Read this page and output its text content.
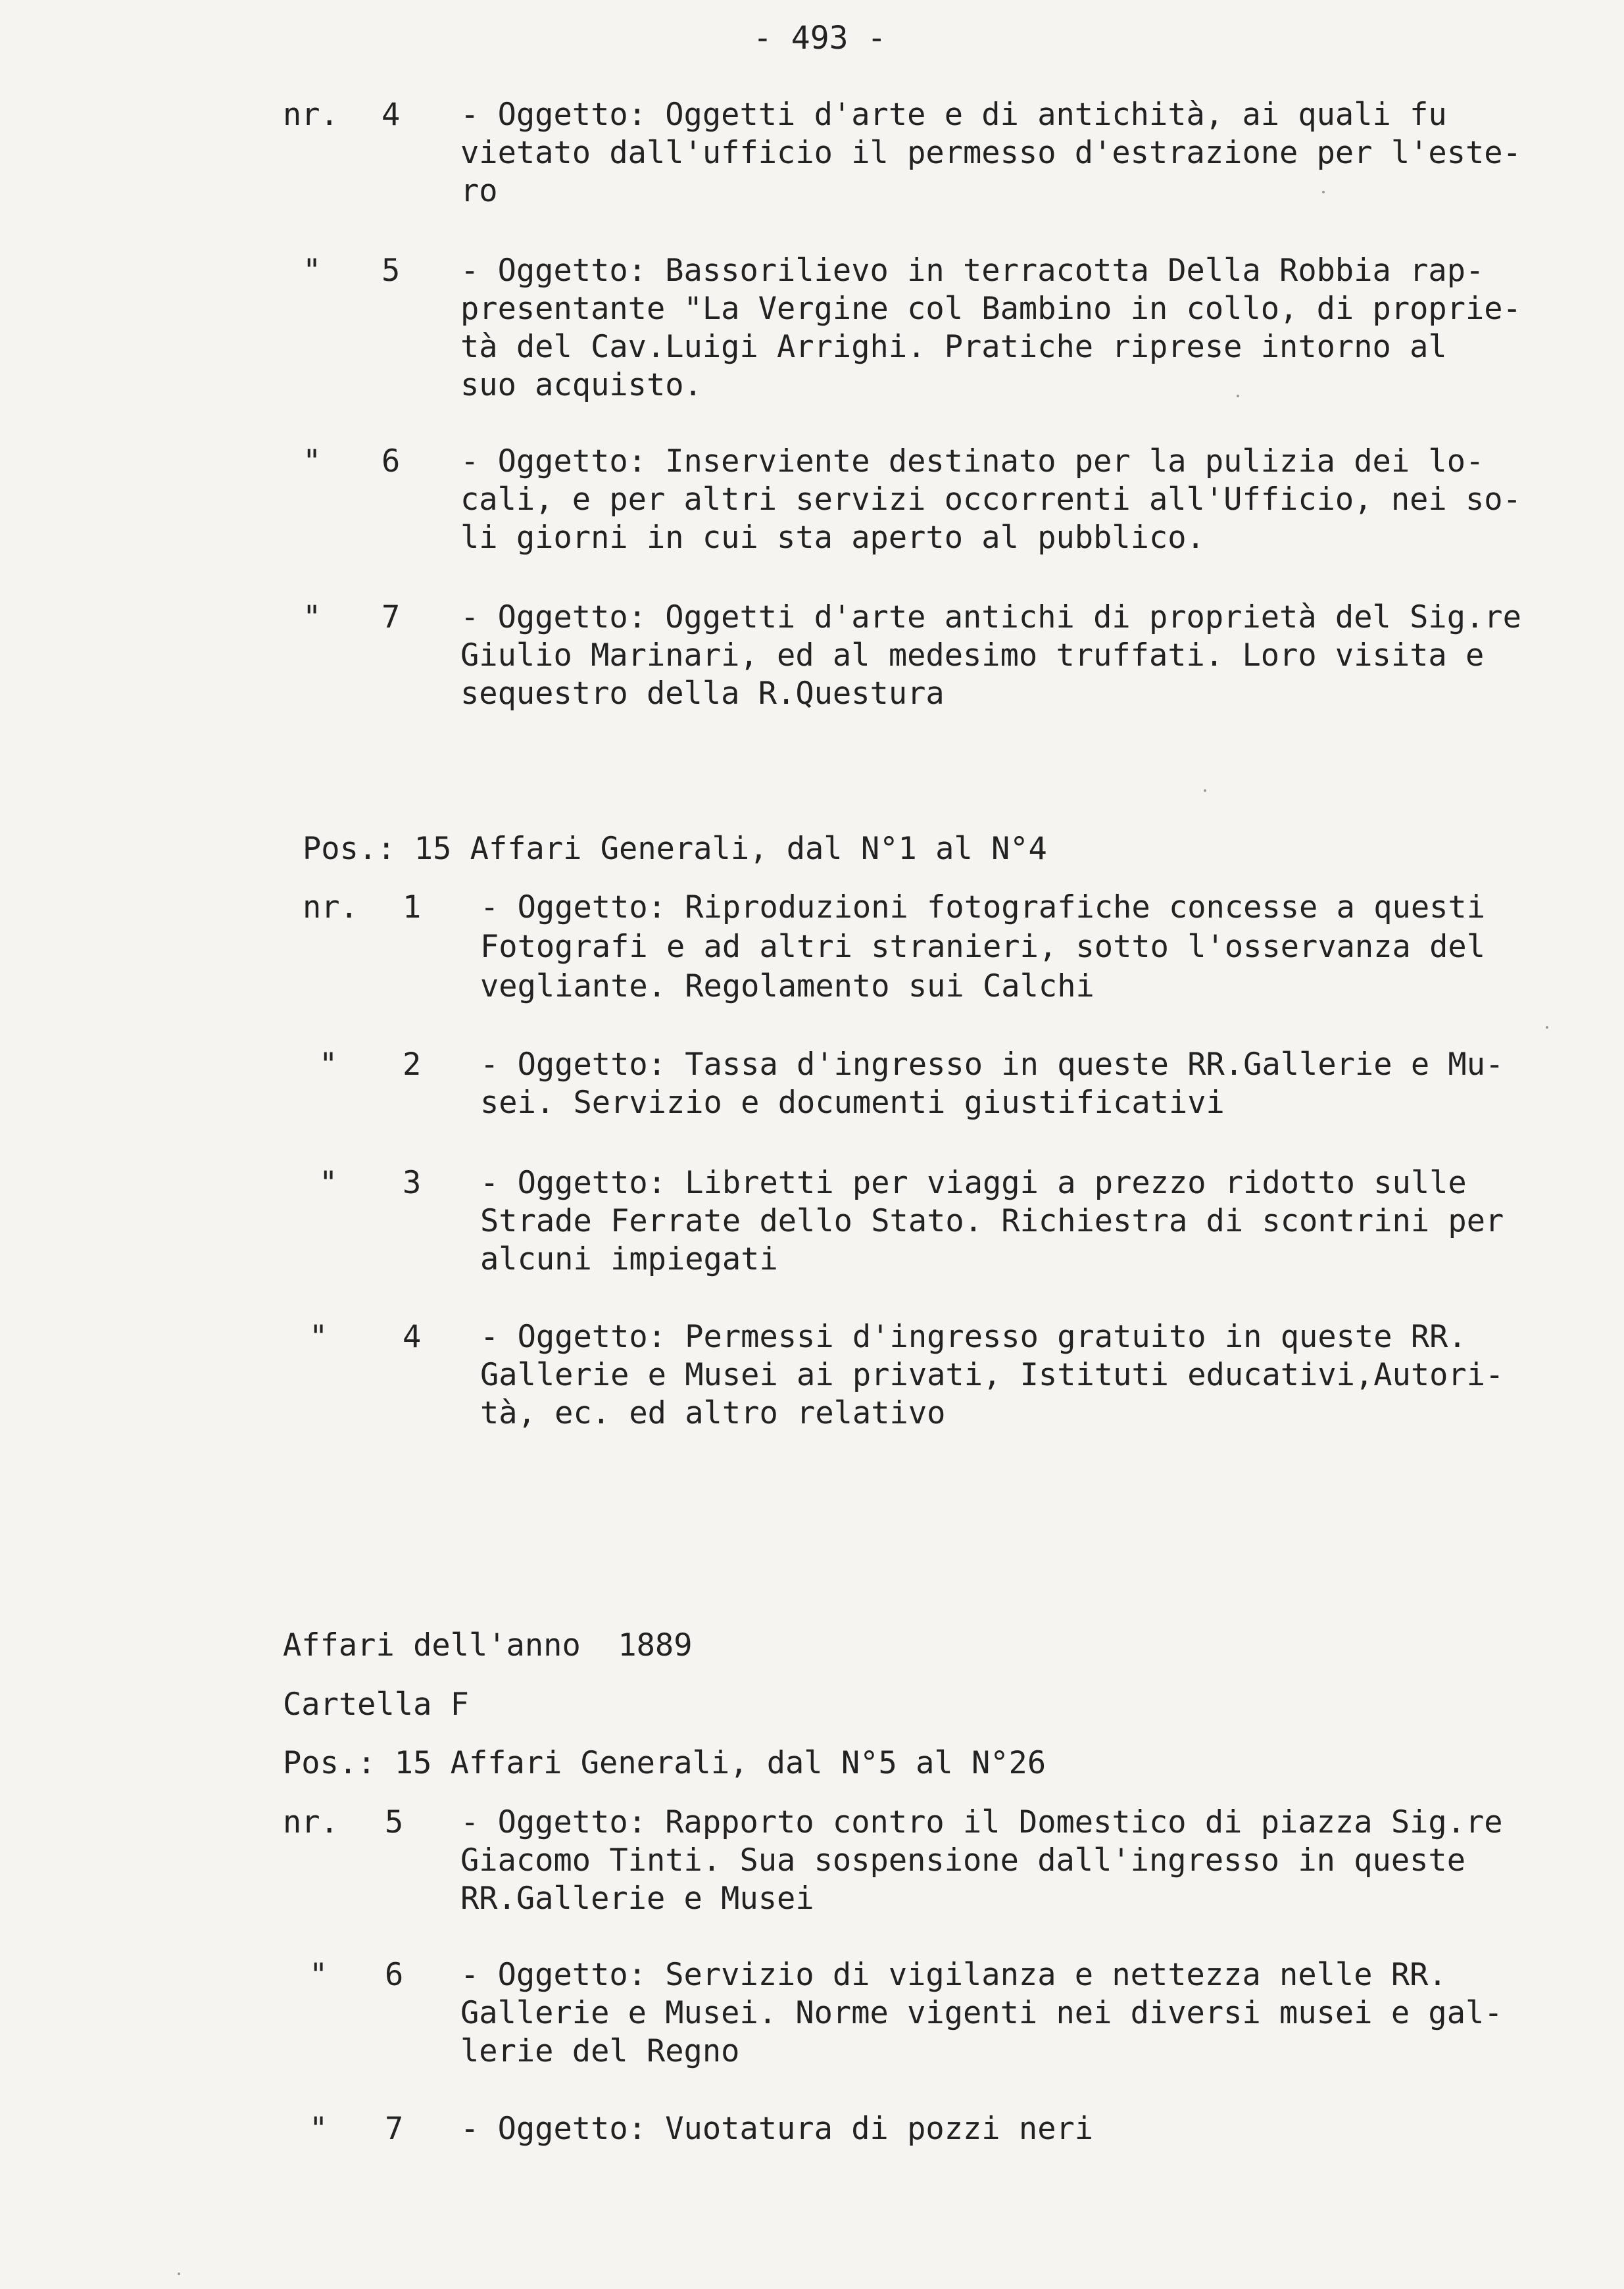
- 493 -
nr. 4 - Oggetto: Oggetti d'arte e di antichità, ai quali fu
vietato dall'ufficio il permesso d'estrazione per l'este-
ro
" 5 - Oggetto: Bassorilievo in terracotta Della Robbia rap-
presentante "La Vergine col Bambino in collo, di proprie-
tà del Cav.Luigi Arrighi. Pratiche riprese intorno al
suo acquisto.
" 6 - Oggetto: Inserviente destinato per la pulizia dei lo-
cali, e per altri servizi occorrenti all'Ufficio, nei so-
li giorni in cui sta aperto al pubblico.
" 7 - Oggetto: Oggetti d'arte antichi di proprietà del Sig.re
Giulio Marinari, ed al medesimo truffati. Loro visita e
sequestro della R.Questura
Pos.: 15 Affari Generali, dal N°1 al N°4
nr. 1 - Oggetto: Riproduzioni fotografiche concesse a questi
Fotografi e ad altri stranieri, sotto l'osservanza del
vegliante. Regolamento sui Calchi
" 2 - Oggetto: Tassa d'ingresso in queste RR.Gallerie e Mu-
sei. Servizio e documenti giustificativi
" 3 - Oggetto: Libretti per viaggi a prezzo ridotto sulle
Strade Ferrate dello Stato. Richiestra di scontrini per
alcuni impiegati
" 4 - Oggetto: Permessi d'ingresso gratuito in queste RR.
Gallerie e Musei ai privati, Istituti educativi,Autori-
tà, ec. ed altro relativo
Affari dell'anno  1889
Cartella F
Pos.: 15 Affari Generali, dal N°5 al N°26
nr. 5 - Oggetto: Rapporto contro il Domestico di piazza Sig.re
Giacomo Tinti. Sua sospensione dall'ingresso in queste
RR.Gallerie e Musei
" 6 - Oggetto: Servizio di vigilanza e nettezza nelle RR.
Gallerie e Musei. Norme vigenti nei diversi musei e gal-
lerie del Regno
" 7 - Oggetto: Vuotatura di pozzi neri
